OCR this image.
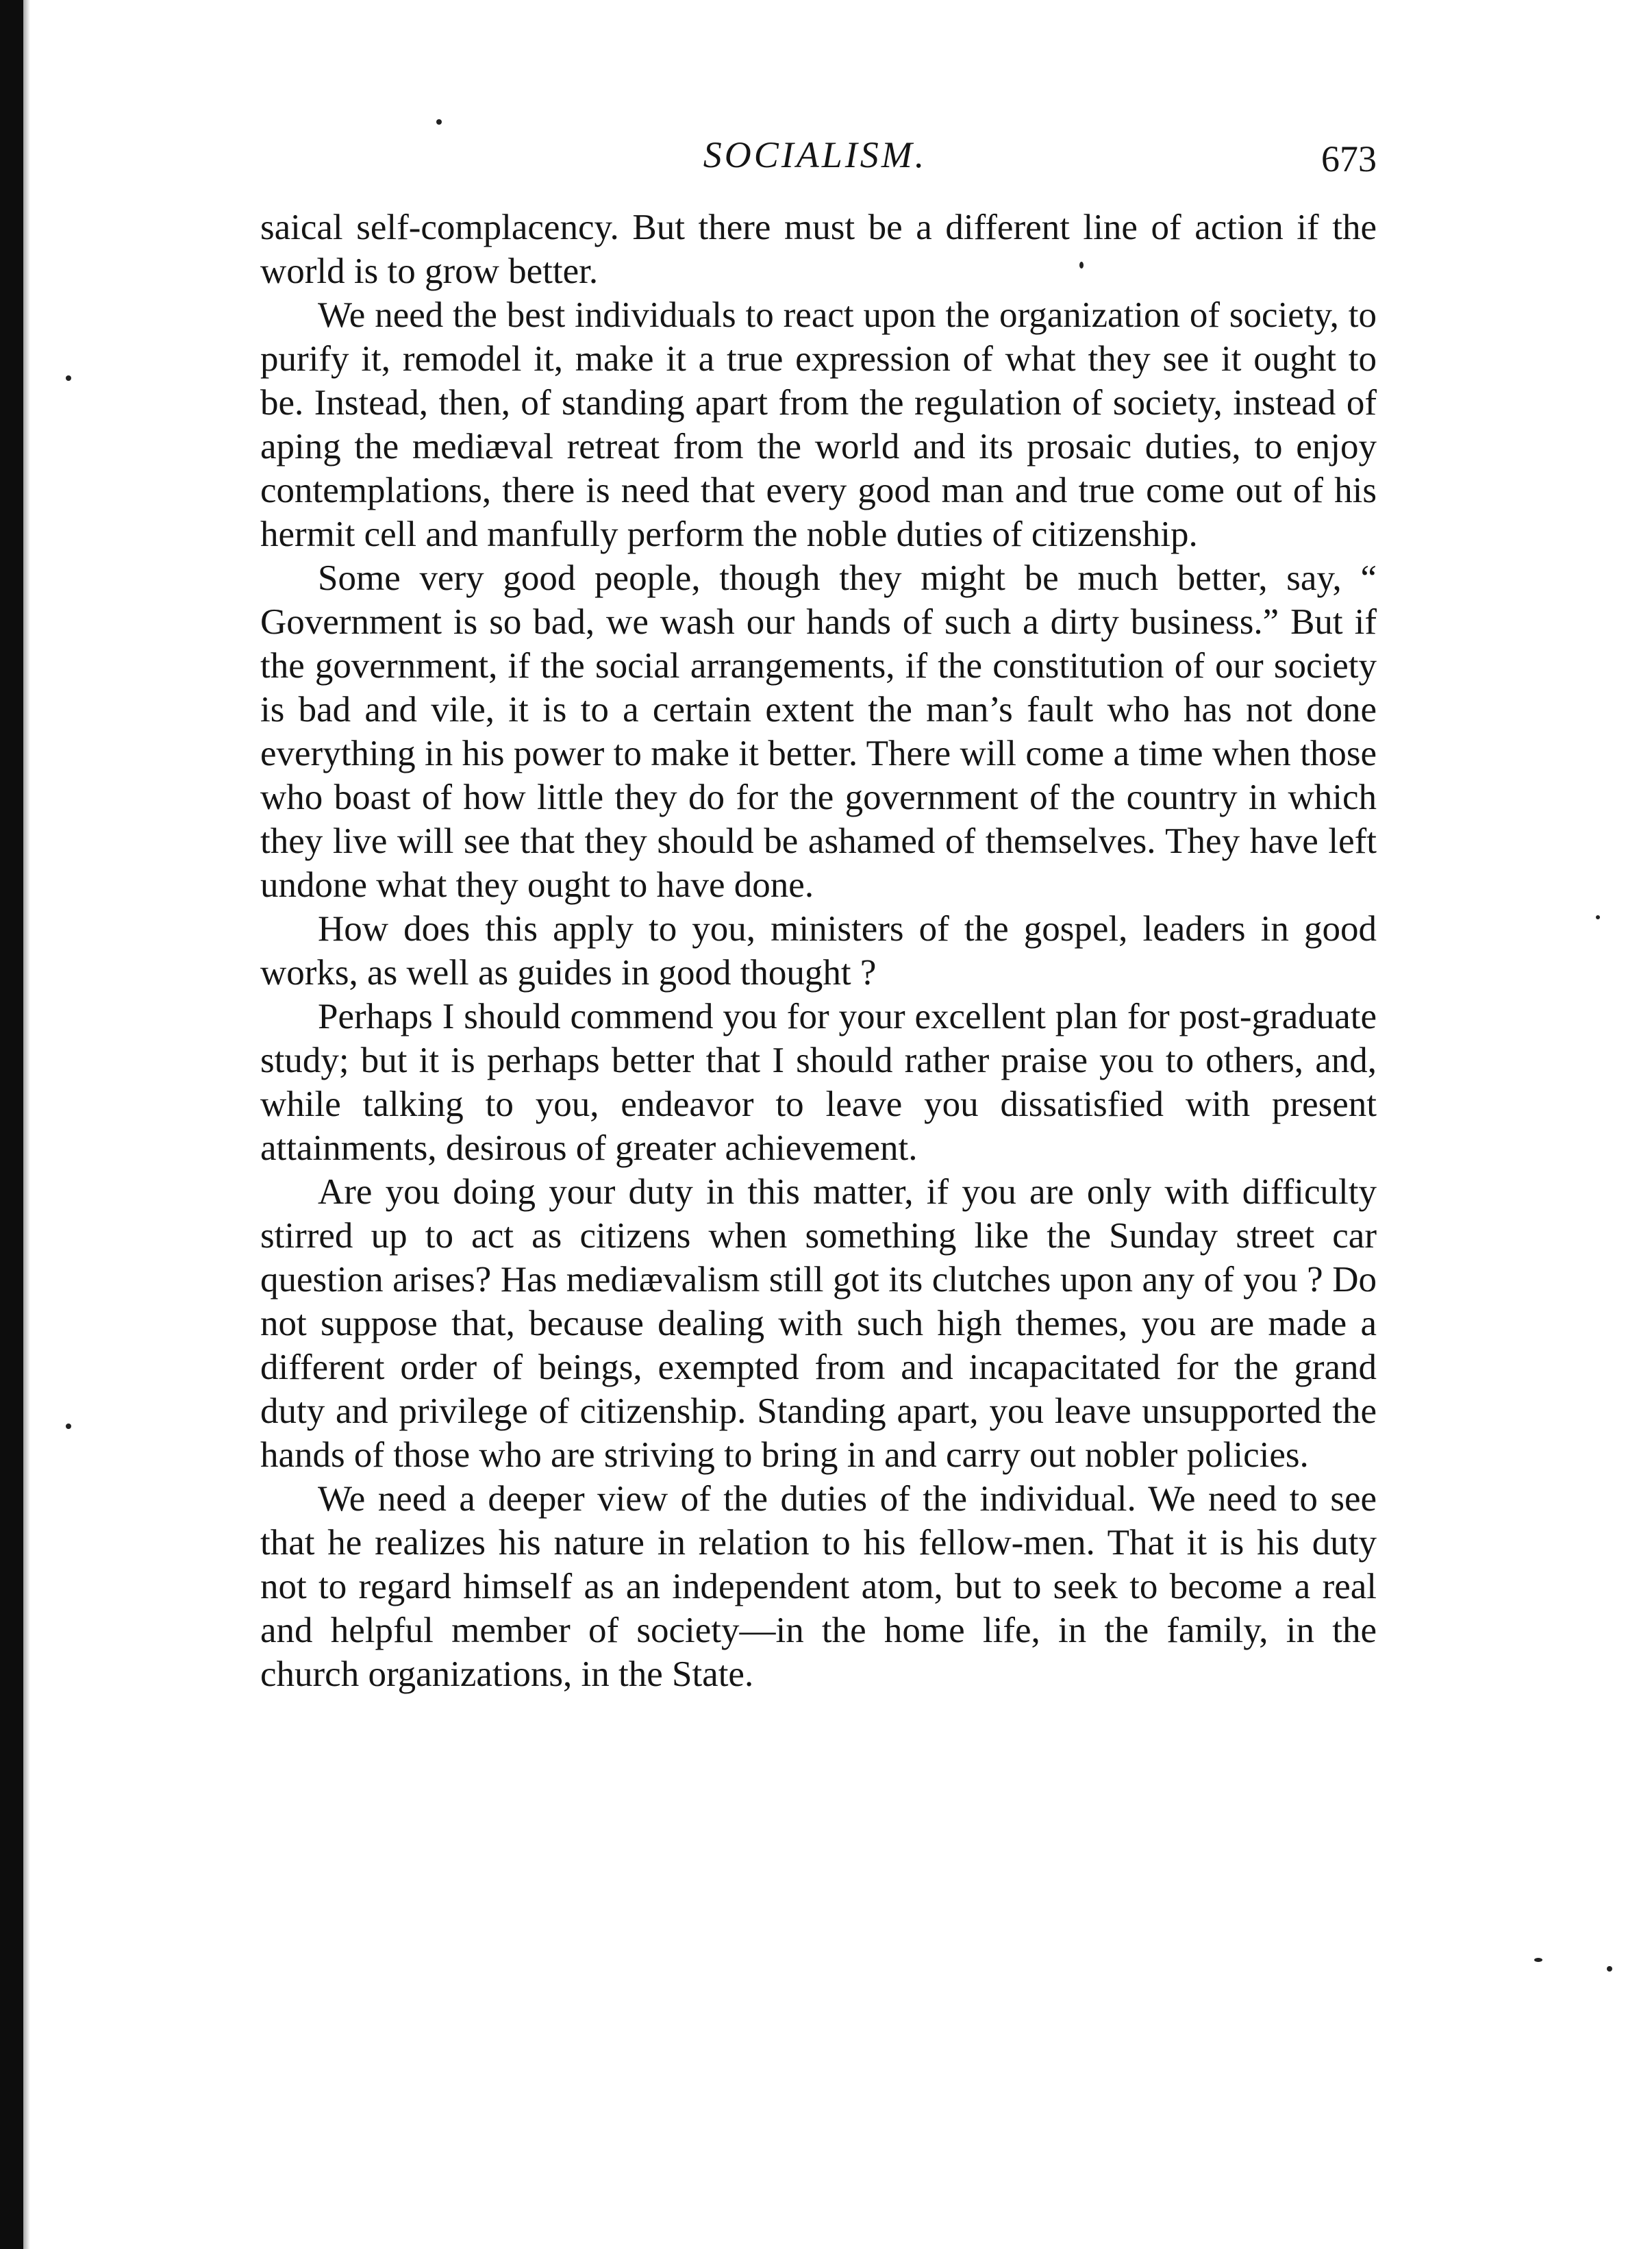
SOCIALISM.	673

saical self-complacency. But there must be a different line of action if the world is to grow better.

We need the best individuals to react upon the organization of society, to purify it, remodel it, make it a true expression of what they see it ought to be. Instead, then, of standing apart from the regulation of society, instead of aping the mediæval retreat from the world and its prosaic duties, to enjoy contemplations, there is need that every good man and true come out of his hermit cell and manfully perform the noble duties of citizenship.

Some very good people, though they might be much better, say, “ Government is so bad, we wash our hands of such a dirty business.” But if the government, if the social arrangements, if the constitution of our society is bad and vile, it is to a certain extent the man’s fault who has not done everything in his power to make it better. There will come a time when those who boast of how little they do for the government of the country in which they live will see that they should be ashamed of themselves. They have left undone what they ought to have done.

How does this apply to you, ministers of the gospel, leaders in good works, as well as guides in good thought ?

Perhaps I should commend you for your excellent plan for post-graduate study; but it is perhaps better that I should rather praise you to others, and, while talking to you, endeavor to leave you dissatisfied with present attainments, desirous of greater achievement.

Are you doing your duty in this matter, if you are only with difficulty stirred up to act as citizens when something like the Sunday street car question arises? Has mediævalism still got its clutches upon any of you ? Do not suppose that, because dealing with such high themes, you are made a different order of beings, exempted from and incapacitated for the grand duty and privilege of citizenship. Standing apart, you leave unsupported the hands of those who are striving to bring in and carry out nobler policies.

We need a deeper view of the duties of the individual. We need to see that he realizes his nature in relation to his fellow-men. That it is his duty not to regard himself as an independent atom, but to seek to become a real and helpful member of society—in the home life, in the family, in the church organizations, in the State.
